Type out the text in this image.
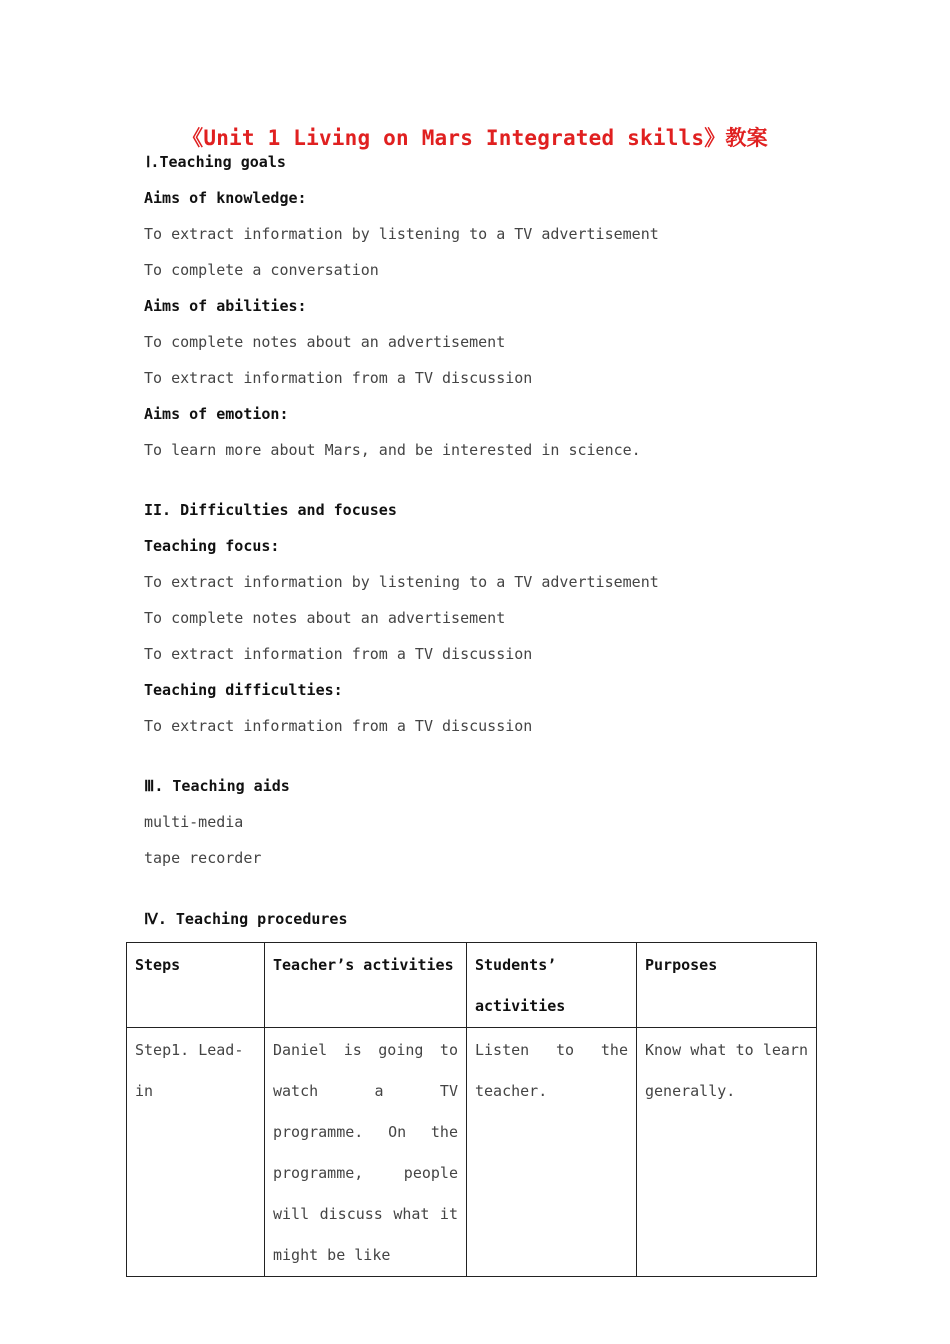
《Unit 1 Living on Mars Integrated skills》教案
Ⅰ.Teaching goals
Aims of knowledge:
To extract information by listening to a TV advertisement
To complete a conversation
Aims of abilities:
To complete notes about an advertisement
To extract information from a TV discussion
Aims of emotion:
To learn more about Mars, and be interested in science.
II. Difficulties and focuses
Teaching focus:
To extract information by listening to a TV advertisement
To complete notes about an advertisement
To extract information from a TV discussion
Teaching difficulties:
To extract information from a TV discussion
Ⅲ. Teaching aids
multi-media
tape recorder
Ⅳ. Teaching procedures
Steps	Teacher’s activities	Students’ activities	Purposes
Step1. Lead-in	Daniel is going to watch a TV programme. On the programme, people will discuss what it might be like	Listen to the teacher.	Know what to learn generally.
